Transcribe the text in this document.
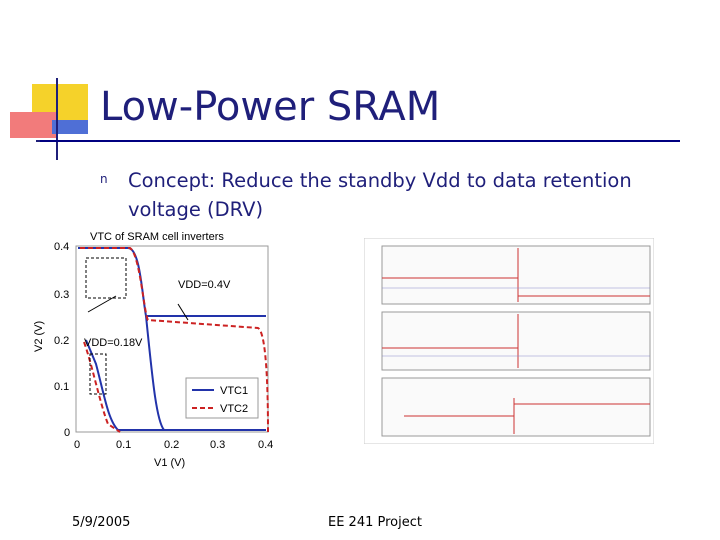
Low-Power SRAM
n Concept: Reduce the standby Vdd to data retention voltage (DRV)
VTC of SRAM cell inverters
0.4
0.3
0.2
0.1
0
0	0.1	0.2	0.3	0.4
V1 (V)
V2 (V)
VDD=0.4V
VDD=0.18V
VTC1
VTC2
5/9/2005	EE 241 Project
